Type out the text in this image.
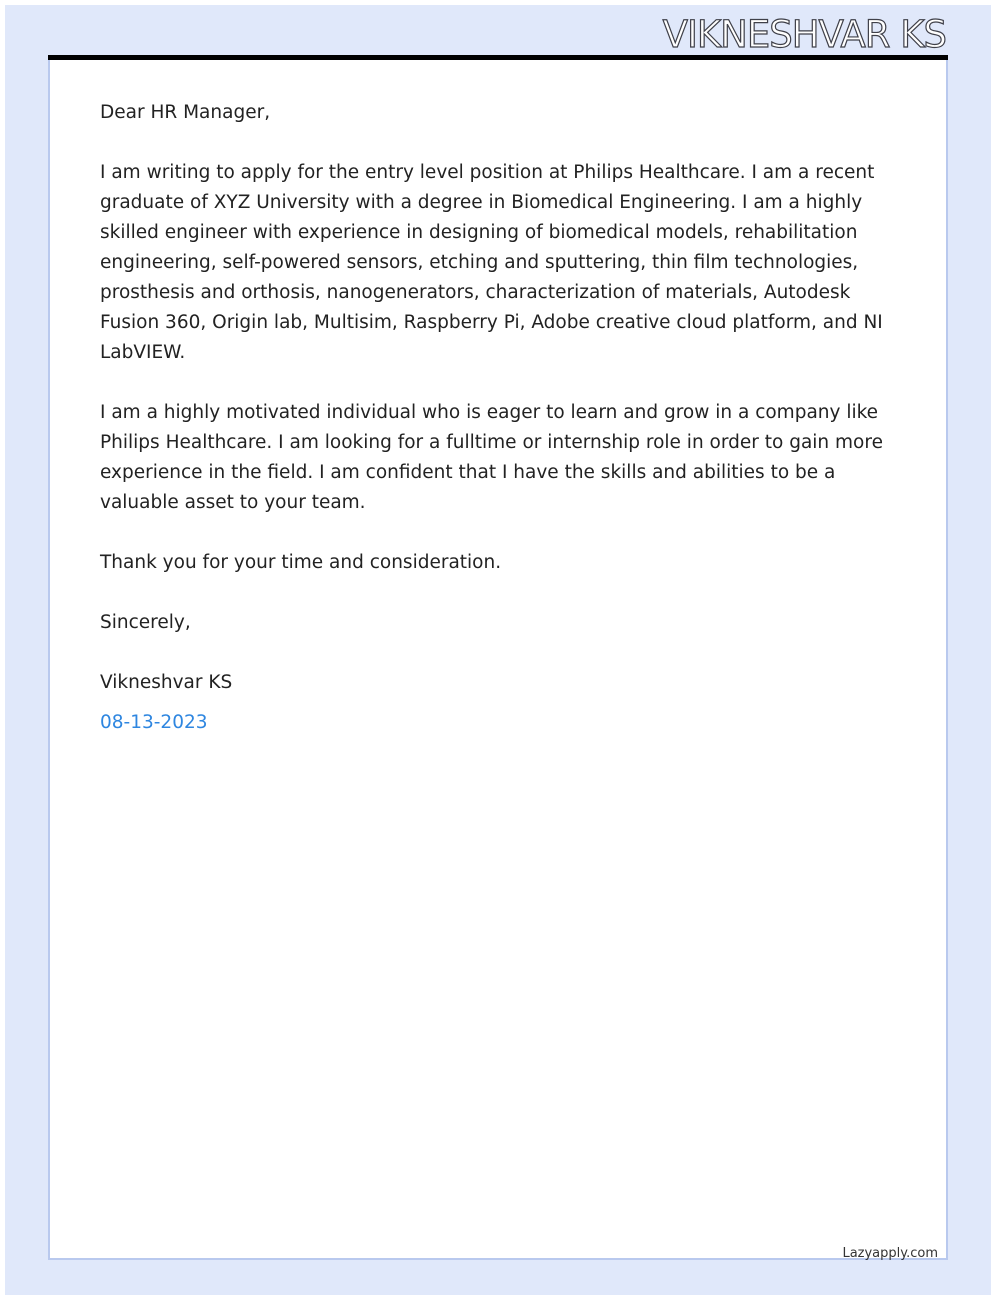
VIKNESHVAR KS

Dear HR Manager,

I am writing to apply for the entry level position at Philips Healthcare. I am a recent graduate of XYZ University with a degree in Biomedical Engineering. I am a highly skilled engineer with experience in designing of biomedical models, rehabilitation engineering, self-powered sensors, etching and sputtering, thin film technologies, prosthesis and orthosis, nanogenerators, characterization of materials, Autodesk Fusion 360, Origin lab, Multisim, Raspberry Pi, Adobe creative cloud platform, and NI LabVIEW.

I am a highly motivated individual who is eager to learn and grow in a company like Philips Healthcare. I am looking for a fulltime or internship role in order to gain more experience in the field. I am confident that I have the skills and abilities to be a valuable asset to your team.

Thank you for your time and consideration.

Sincerely,

Vikneshvar KS

08-13-2023

Lazyapply.com
